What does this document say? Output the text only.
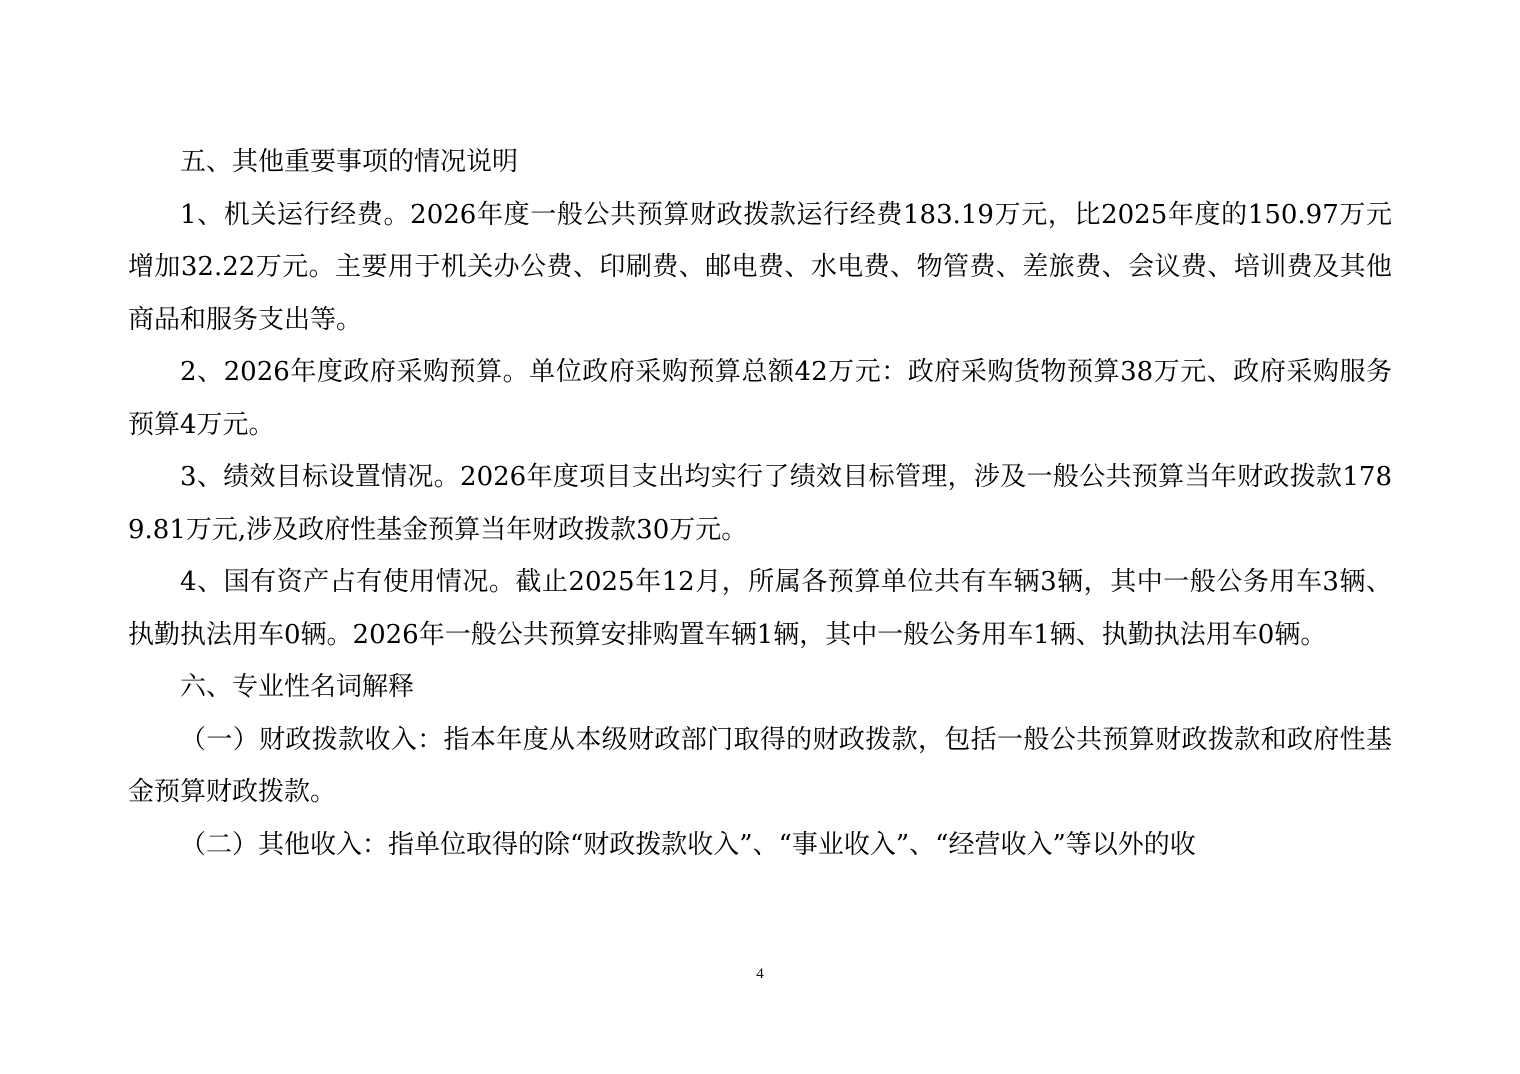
五、其他重要事项的情况说明

1、机关运行经费。2026年度一般公共预算财政拨款运行经费183.19万元，比2025年度的150.97万元增加32.22万元。主要用于机关办公费、印刷费、邮电费、水电费、物管费、差旅费、会议费、培训费及其他商品和服务支出等。

2、2026年度政府采购预算。单位政府采购预算总额42万元：政府采购货物预算38万元、政府采购服务预算4万元。

3、绩效目标设置情况。2026年度项目支出均实行了绩效目标管理，涉及一般公共预算当年财政拨款1789.81万元,涉及政府性基金预算当年财政拨款30万元。

4、国有资产占有使用情况。截止2025年12月，所属各预算单位共有车辆3辆，其中一般公务用车3辆、执勤执法用车0辆。2026年一般公共预算安排购置车辆1辆，其中一般公务用车1辆、执勤执法用车0辆。

六、专业性名词解释

（一）财政拨款收入：指本年度从本级财政部门取得的财政拨款，包括一般公共预算财政拨款和政府性基金预算财政拨款。

（二）其他收入：指单位取得的除“财政拨款收入”、“事业收入”、“经营收入”等以外的收

4
